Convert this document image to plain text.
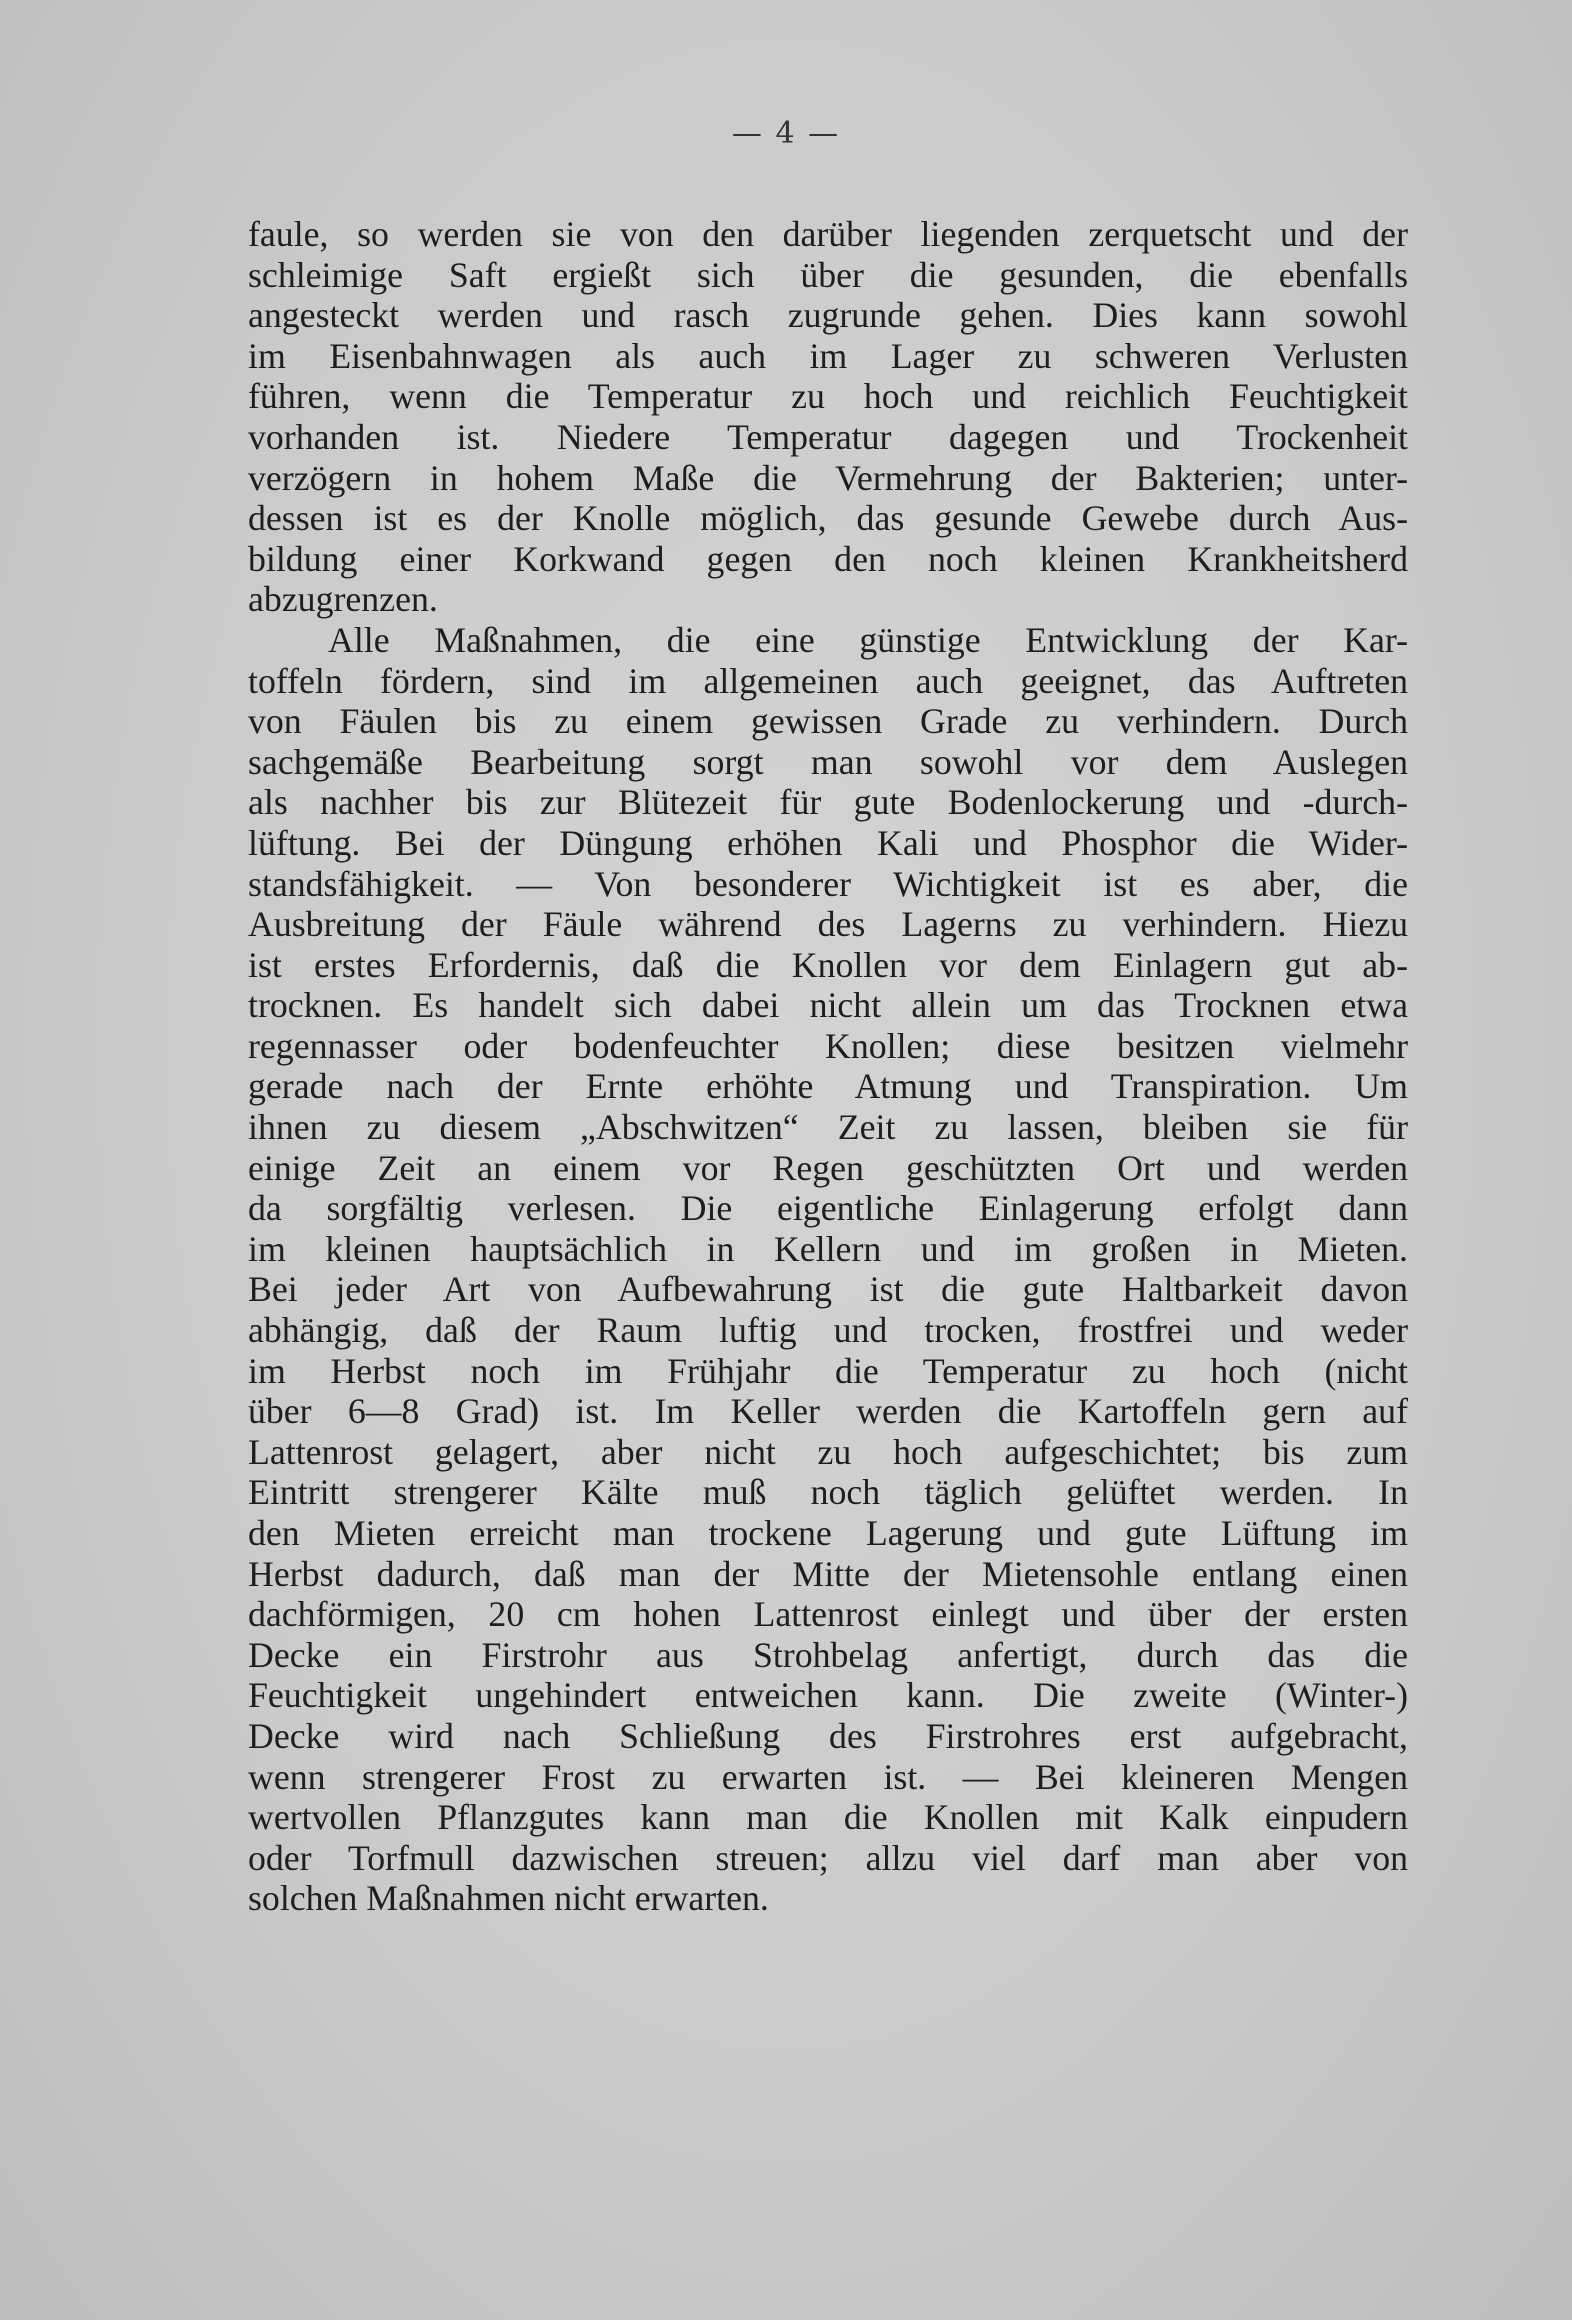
— 4 —
faule, so werden sie von den darüber liegenden zerquetscht und der
schleimige Saft ergießt sich über die gesunden, die ebenfalls
angesteckt werden und rasch zugrunde gehen. Dies kann sowohl
im Eisenbahnwagen als auch im Lager zu schweren Verlusten
führen, wenn die Temperatur zu hoch und reichlich Feuchtigkeit
vorhanden ist. Niedere Temperatur dagegen und Trockenheit
verzögern in hohem Maße die Vermehrung der Bakterien; unter-
dessen ist es der Knolle möglich, das gesunde Gewebe durch Aus-
bildung einer Korkwand gegen den noch kleinen Krankheitsherd
abzugrenzen.
Alle Maßnahmen, die eine günstige Entwicklung der Kar-
toffeln fördern, sind im allgemeinen auch geeignet, das Auftreten
von Fäulen bis zu einem gewissen Grade zu verhindern. Durch
sachgemäße Bearbeitung sorgt man sowohl vor dem Auslegen
als nachher bis zur Blütezeit für gute Bodenlockerung und -durch-
lüftung. Bei der Düngung erhöhen Kali und Phosphor die Wider-
standsfähigkeit. — Von besonderer Wichtigkeit ist es aber, die
Ausbreitung der Fäule während des Lagerns zu verhindern. Hiezu
ist erstes Erfordernis, daß die Knollen vor dem Einlagern gut ab-
trocknen. Es handelt sich dabei nicht allein um das Trocknen etwa
regennasser oder bodenfeuchter Knollen; diese besitzen vielmehr
gerade nach der Ernte erhöhte Atmung und Transpiration. Um
ihnen zu diesem „Abschwitzen“ Zeit zu lassen, bleiben sie für
einige Zeit an einem vor Regen geschützten Ort und werden
da sorgfältig verlesen. Die eigentliche Einlagerung erfolgt dann
im kleinen hauptsächlich in Kellern und im großen in Mieten.
Bei jeder Art von Aufbewahrung ist die gute Haltbarkeit davon
abhängig, daß der Raum luftig und trocken, frostfrei und weder
im Herbst noch im Frühjahr die Temperatur zu hoch (nicht
über 6—8 Grad) ist. Im Keller werden die Kartoffeln gern auf
Lattenrost gelagert, aber nicht zu hoch aufgeschichtet; bis zum
Eintritt strengerer Kälte muß noch täglich gelüftet werden. In
den Mieten erreicht man trockene Lagerung und gute Lüftung im
Herbst dadurch, daß man der Mitte der Mietensohle entlang einen
dachförmigen, 20 cm hohen Lattenrost einlegt und über der ersten
Decke ein Firstrohr aus Strohbelag anfertigt, durch das die
Feuchtigkeit ungehindert entweichen kann. Die zweite (Winter-)
Decke wird nach Schließung des Firstrohres erst aufgebracht,
wenn strengerer Frost zu erwarten ist. — Bei kleineren Mengen
wertvollen Pflanzgutes kann man die Knollen mit Kalk einpudern
oder Torfmull dazwischen streuen; allzu viel darf man aber von
solchen Maßnahmen nicht erwarten.
